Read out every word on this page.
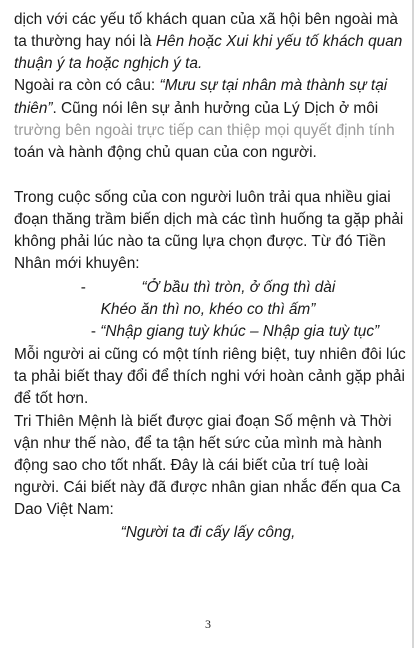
dịch với các yếu tố khách quan của xã hội bên ngoài mà
ta thường hay nói là Hên hoặc Xui khi yếu tố khách quan
thuận ý ta hoặc nghịch ý ta.
Ngoài ra còn có câu: “Mưu sự tại nhân mà thành sự tại
thiên”. Cũng nói lên sự ảnh hưởng của Lý Dịch ở môi
trường bên ngoài trực tiếp can thiệp mọi quyết định tính
toán và hành động chủ quan của con người.
Trong cuộc sống của con người luôn trải qua nhiều giai
đoạn thăng trầm biến dịch mà các tình huống ta gặp phải
không phải lúc nào ta cũng lựa chọn được. Từ đó Tiền
Nhân mới khuyên:
-             “Ở bầu thì tròn, ở ống thì dài
Khéo ăn thì no, khéo co thì ấm”
- “Nhập giang tuỳ khúc – Nhập gia tuỳ tục”
Mỗi người ai cũng có một tính riêng biệt, tuy nhiên đôi lúc
ta phải biết thay đổi để thích nghi với hoàn cảnh gặp phải
để tốt hơn.
Tri Thiên Mệnh là biết được giai đoạn Số mệnh và Thời
vận như thế nào, để ta tận hết sức của mình mà hành
động sao cho tốt nhất. Đây là cái biết của trí tuệ loài
người. Cái biết này đã được nhân gian nhắc đến qua Ca
Dao Việt Nam:
“Người ta đi cấy lấy công,
3
